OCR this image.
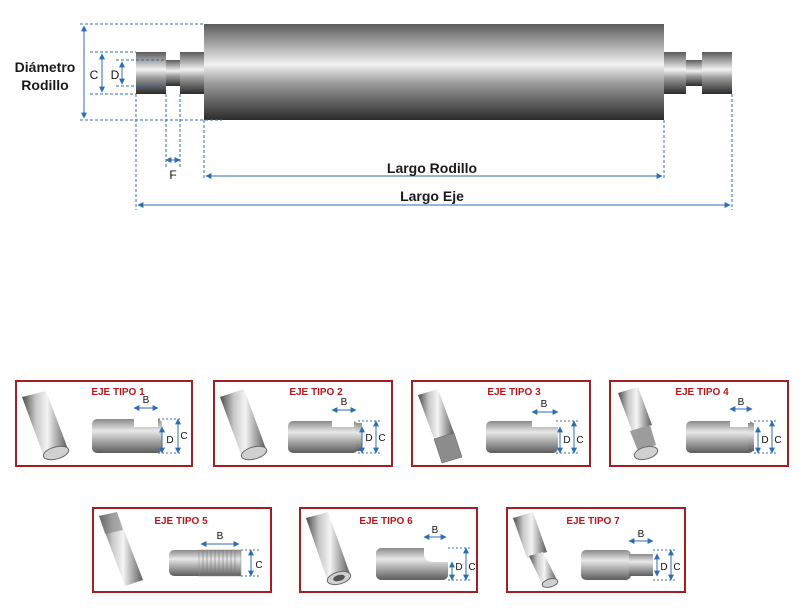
Diámetro
Rodillo
C D
F	Largo Rodillo
Largo Eje
EJE TIPO 1
B
D C
EJE TIPO 2
B
D C
EJE TIPO 3
B
D C
EJE TIPO 4
B
D C
EJE TIPO 5
B
C
EJE TIPO 6
B
D C
EJE TIPO 7
B
D C
